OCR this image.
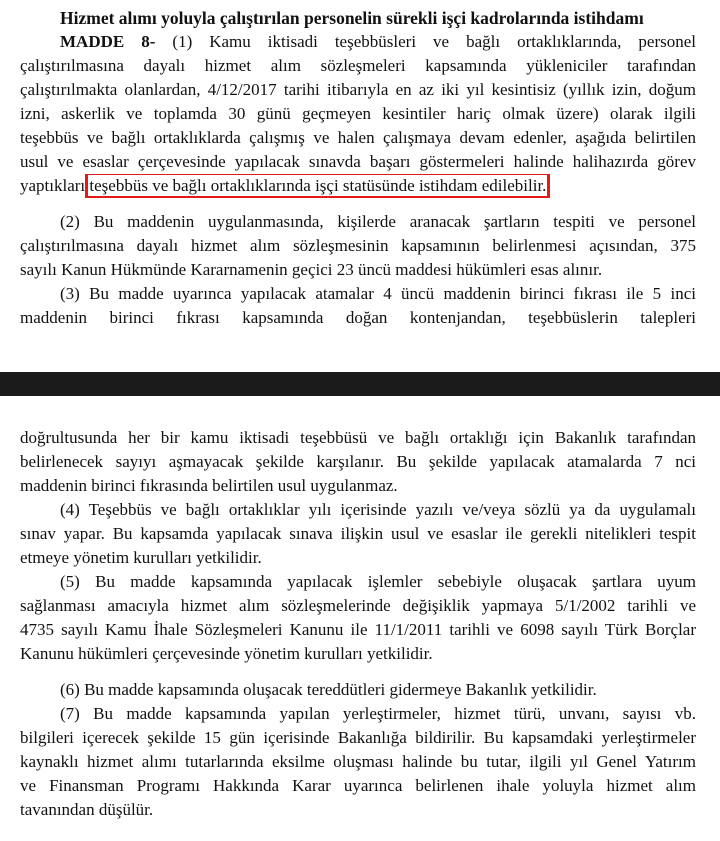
Hizmet alımı yoluyla çalıştırılan personelin sürekli işçi kadrolarında istihdamı
MADDE 8- (1) Kamu iktisadi teşebbüsleri ve bağlı ortaklıklarında, personel
çalıştırılmasına dayalı hizmet alım sözleşmeleri kapsamında yükleniciler tarafından
çalıştırılmakta olanlardan, 4/12/2017 tarihi itibarıyla en az iki yıl kesintisiz (yıllık izin, doğum
izni, askerlik ve toplamda 30 günü geçmeyen kesintiler hariç olmak üzere) olarak ilgili
teşebbüs ve bağlı ortaklıklarda çalışmış ve halen çalışmaya devam edenler, aşağıda belirtilen
usul ve esaslar çerçevesinde yapılacak sınavda başarı göstermeleri halinde halihazırda görev
yaptıkları teşebbüs ve bağlı ortaklıklarında işçi statüsünde istihdam edilebilir.
(2) Bu maddenin uygulanmasında, kişilerde aranacak şartların tespiti ve personel
çalıştırılmasına dayalı hizmet alım sözleşmesinin kapsamının belirlenmesi açısından, 375
sayılı Kanun Hükmünde Kararnamenin geçici 23 üncü maddesi hükümleri esas alınır.
(3) Bu madde uyarınca yapılacak atamalar 4 üncü maddenin birinci fıkrası ile 5 inci
maddenin birinci fıkrası kapsamında doğan kontenjandan, teşebbüslerin talepleri
doğrultusunda her bir kamu iktisadi teşebbüsü ve bağlı ortaklığı için Bakanlık tarafından
belirlenecek sayıyı aşmayacak şekilde karşılanır. Bu şekilde yapılacak atamalarda 7 nci
maddenin birinci fıkrasında belirtilen usul uygulanmaz.
(4) Teşebbüs ve bağlı ortaklıklar yılı içerisinde yazılı ve/veya sözlü ya da uygulamalı
sınav yapar. Bu kapsamda yapılacak sınava ilişkin usul ve esaslar ile gerekli nitelikleri tespit
etmeye yönetim kurulları yetkilidir.
(5) Bu madde kapsamında yapılacak işlemler sebebiyle oluşacak şartlara uyum
sağlanması amacıyla hizmet alım sözleşmelerinde değişiklik yapmaya 5/1/2002 tarihli ve
4735 sayılı Kamu İhale Sözleşmeleri Kanunu ile 11/1/2011 tarihli ve 6098 sayılı Türk Borçlar
Kanunu hükümleri çerçevesinde yönetim kurulları yetkilidir.
(6) Bu madde kapsamında oluşacak tereddütleri gidermeye Bakanlık yetkilidir.
(7) Bu madde kapsamında yapılan yerleştirmeler, hizmet türü, unvanı, sayısı vb.
bilgileri içerecek şekilde 15 gün içerisinde Bakanlığa bildirilir. Bu kapsamdaki yerleştirmeler
kaynaklı hizmet alımı tutarlarında eksilme oluşması halinde bu tutar, ilgili yıl Genel Yatırım
ve Finansman Programı Hakkında Karar uyarınca belirlenen ihale yoluyla hizmet alım
tavanından düşülür.
